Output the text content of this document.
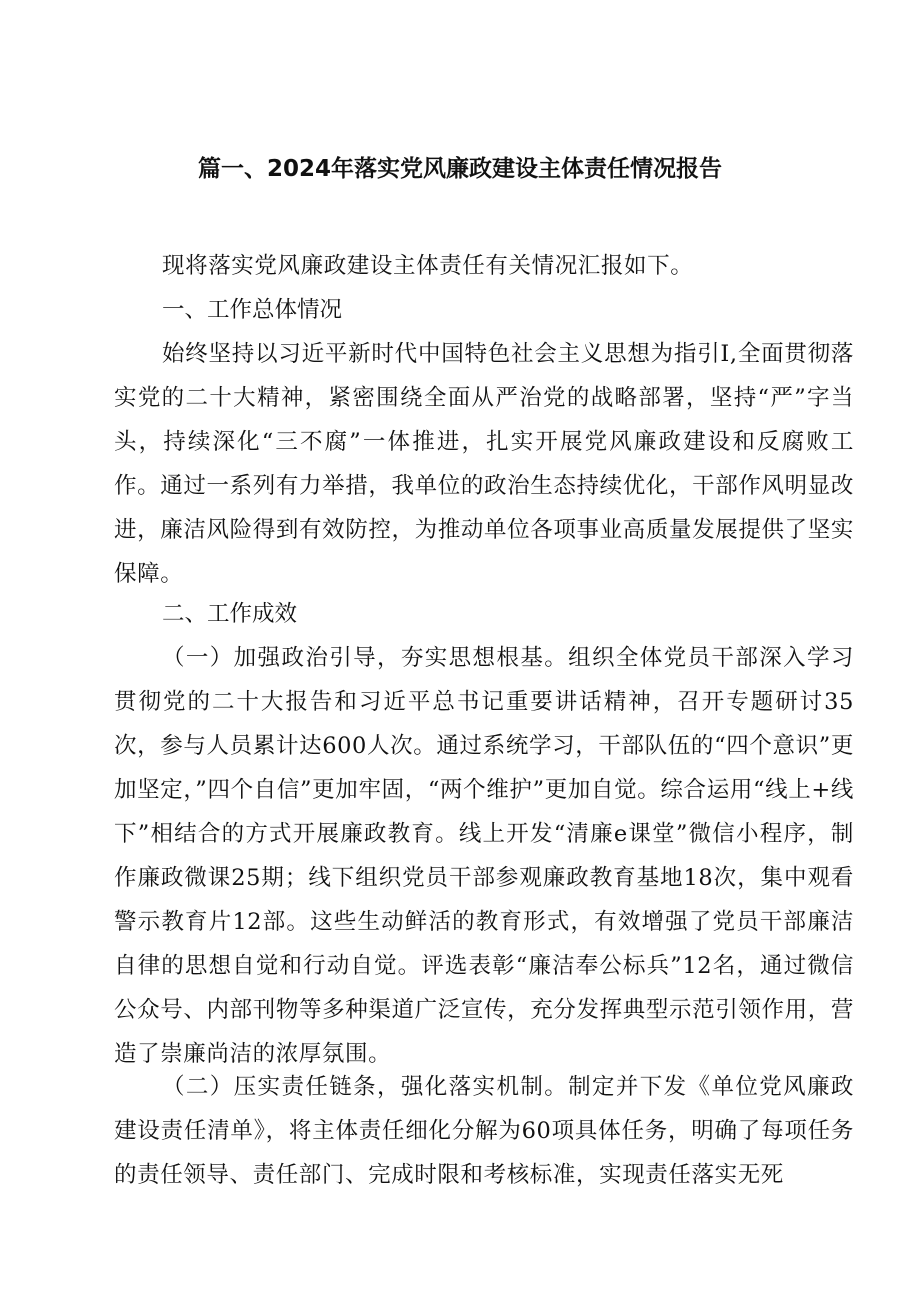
篇一、2024年落实党风廉政建设主体责任情况报告

现将落实党风廉政建设主体责任有关情况汇报如下。

一、工作总体情况

始终坚持以习近平新时代中国特色社会主义思想为指引I,全面贯彻落实党的二十大精神，紧密围绕全面从严治党的战略部署，坚持“严”字当头，持续深化“三不腐”一体推进，扎实开展党风廉政建设和反腐败工作。通过一系列有力举措，我单位的政治生态持续优化，干部作风明显改进，廉洁风险得到有效防控，为推动单位各项事业高质量发展提供了坚实保障。

二、工作成效

（一）加强政治引导，夯实思想根基。组织全体党员干部深入学习贯彻党的二十大报告和习近平总书记重要讲话精神，召开专题研讨35次，参与人员累计达600人次。通过系统学习，干部队伍的“四个意识”更加坚定，”四个自信”更加牢固，“两个维护”更加自觉。综合运用“线上+线下”相结合的方式开展廉政教育。线上开发“清廉e课堂”微信小程序，制作廉政微课25期；线下组织党员干部参观廉政教育基地18次，集中观看警示教育片12部。这些生动鲜活的教育形式，有效增强了党员干部廉洁自律的思想自觉和行动自觉。评选表彰“廉洁奉公标兵”12名，通过微信公众号、内部刊物等多种渠道广泛宣传，充分发挥典型示范引领作用，营造了崇廉尚洁的浓厚氛围。

（二）压实责任链条，强化落实机制。制定并下发《单位党风廉政建设责任清单》，将主体责任细化分解为60项具体任务，明确了每项任务的责任领导、责任部门、完成时限和考核标准，实现责任落实无死
